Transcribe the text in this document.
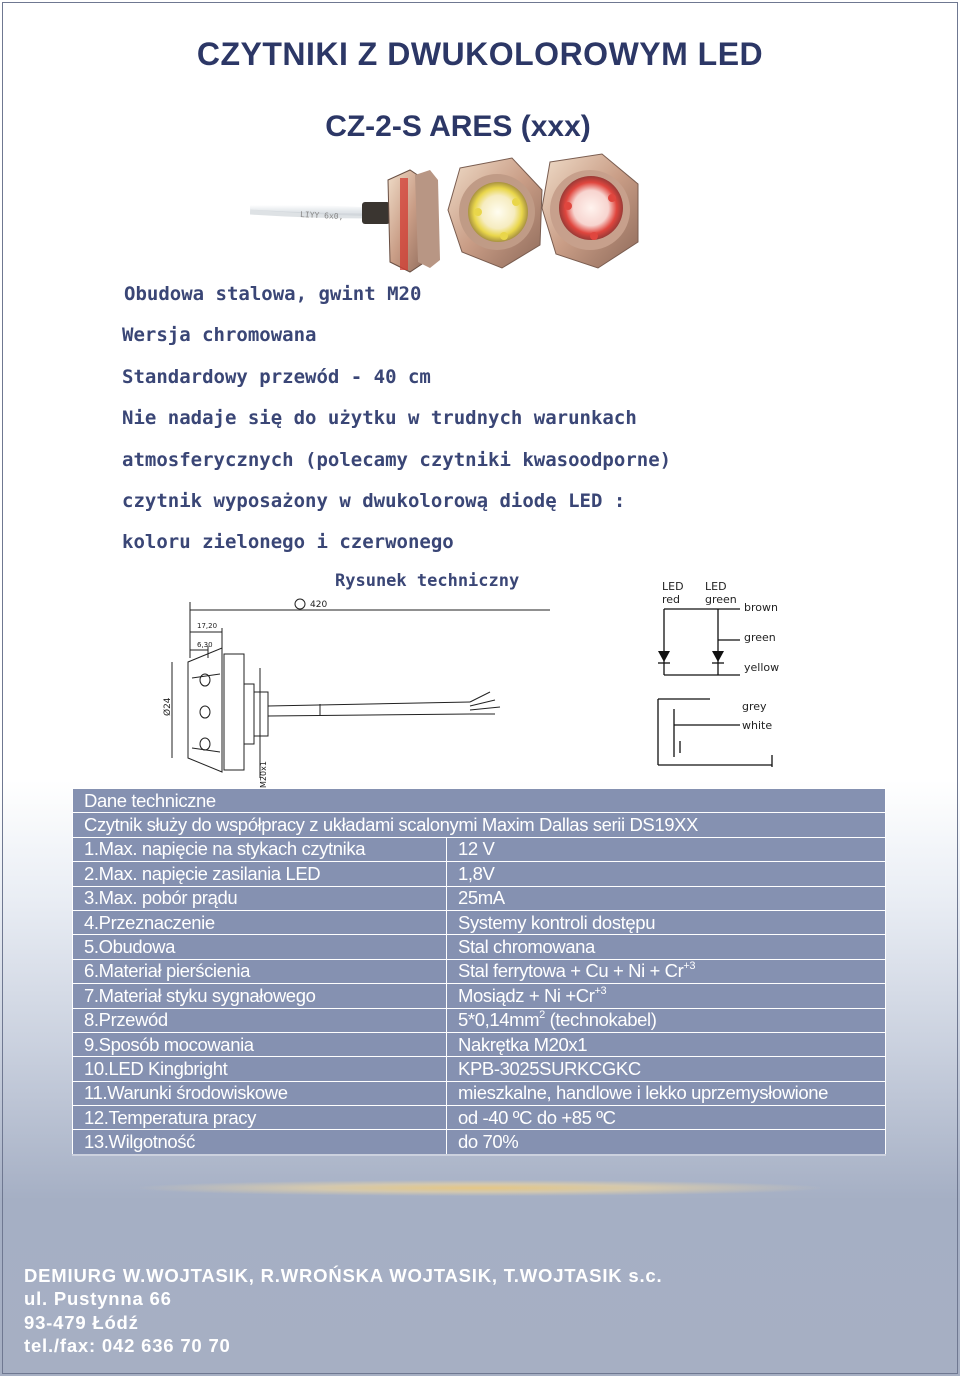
CZYTNIKI Z DWUKOLOROWYM LED
CZ-2-S ARES (xxx)
LIYY 6x0,
Obudowa stalowa, gwint M20
Wersja chromowana
Standardowy przewód - 40 cm
Nie nadaje się do użytku w trudnych warunkach
atmosferycznych (polecamy czytniki kwasoodporne)
czytnik wyposażony w dwukolorową diodę LED :
koloru zielonego i czerwonego
Rysunek techniczny
420
17,20
6,30
Ø24
M20x1
LED
red
LED
green
brown
green
yellow
grey
white
Dane techniczne	
Czytnik służy do współpracy z układami scalonymi Maxim Dallas serii DS19XX	
1.Max. napięcie na stykach czytnika	12 V
2.Max. napięcie zasilania LED	1,8V
3.Max. pobór prądu	25mA
4.Przeznaczenie	Systemy kontroli dostępu
5.Obudowa	Stal chromowana
6.Materiał pierścienia	Stal ferrytowa + $Cu + Ni + Cr^{+3}$
7.Materiał styku sygnałowego	Mosiądz + $Ni +Cr^{+3}$
8.Przewód	$5*0,14mm^2$ (technokabel)
9.Sposób mocowania	Nakrętka M20x1
10.LED Kingbright	KPB-3025SURKCGKC
11.Warunki środowiskowe	mieszkalne, handlowe i lekko uprzemysłowione
12.Temperatura pracy	od -40 ºC do +85 ºC
13.Wilgotność	do 70%
DEMIURG W.WOJTASIK, R.WROŃSKA WOJTASIK, T.WOJTASIK s.c.
ul. Pustynna 66
93-479 Łódź
tel./fax: 042 636 70 70
